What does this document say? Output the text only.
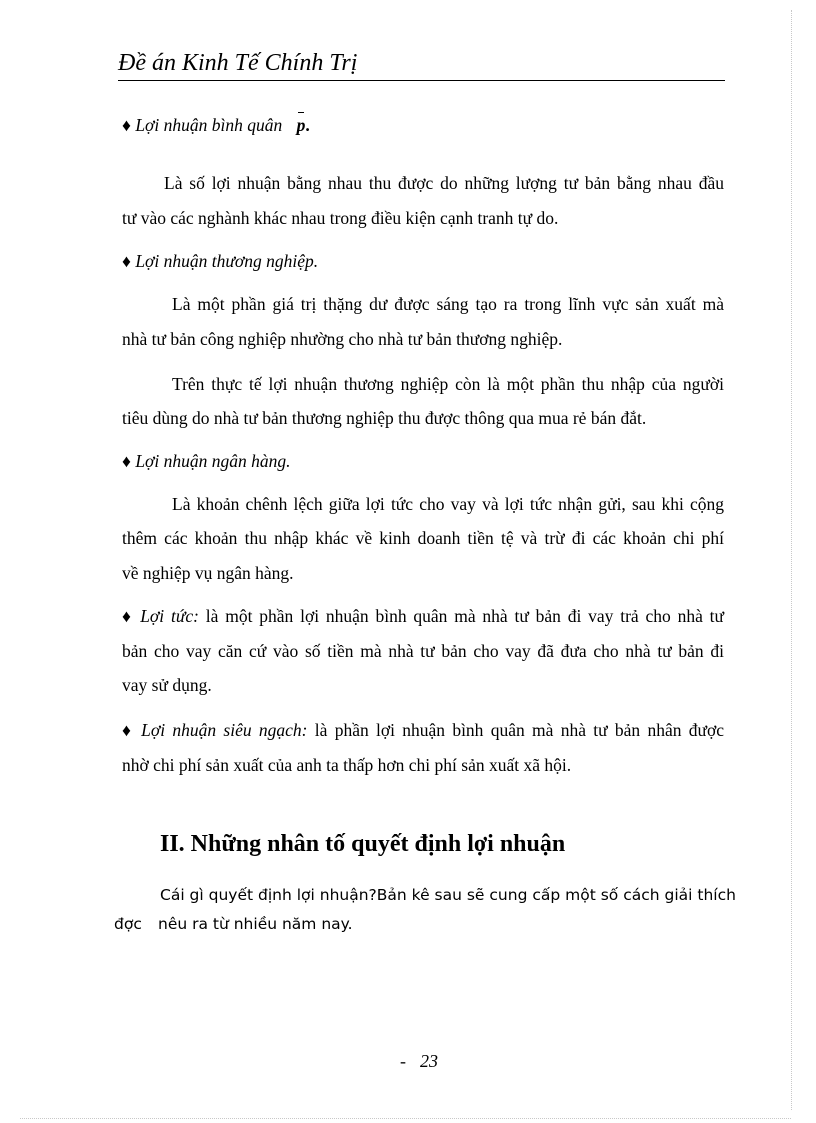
Đề án Kinh Tế Chính Trị
♦ Lợi nhuận bình quân p.
Là số lợi nhuận bằng nhau thu được do những lượng tư bản bằng nhau đầu
tư vào các nghành khác nhau trong điều kiện cạnh tranh tự do.
♦ Lợi nhuận thương nghiệp.
Là một phần giá trị thặng dư được sáng tạo ra trong lĩnh vực sản xuất mà
nhà tư bản công nghiệp nhường cho nhà tư bản thương nghiệp.
Trên thực tế lợi nhuận thương nghiệp còn là một phần thu nhập của người
tiêu dùng do nhà tư bản thương nghiệp thu được thông qua mua rẻ bán đắt.
♦ Lợi nhuận ngân hàng.
Là khoản chênh lệch giữa lợi tức cho vay và lợi tức nhận gửi, sau khi cộng
thêm các khoản thu nhập khác về kinh doanh tiền tệ và trừ đi các khoản chi phí
về nghiệp vụ ngân hàng.
♦ Lợi tức: là một phần lợi nhuận bình quân mà nhà tư bản đi vay trả cho nhà tư
bản cho vay căn cứ vào số tiền mà nhà tư bản cho vay đã đưa cho nhà tư bản đi
vay sử dụng.
♦ Lợi nhuận siêu ngạch: là phần lợi nhuận bình quân mà nhà tư bản nhân được
nhờ chi phí sản xuất của anh ta thấp hơn chi phí sản xuất xã hội.
II. Những nhân tố quyết định lợi nhuận
Cái gì quyết định lợi nhuận?Bản kê sau sẽ cung cấp một số cách giải thích
đợc nêu ra từ nhiều năm nay.
- 23
